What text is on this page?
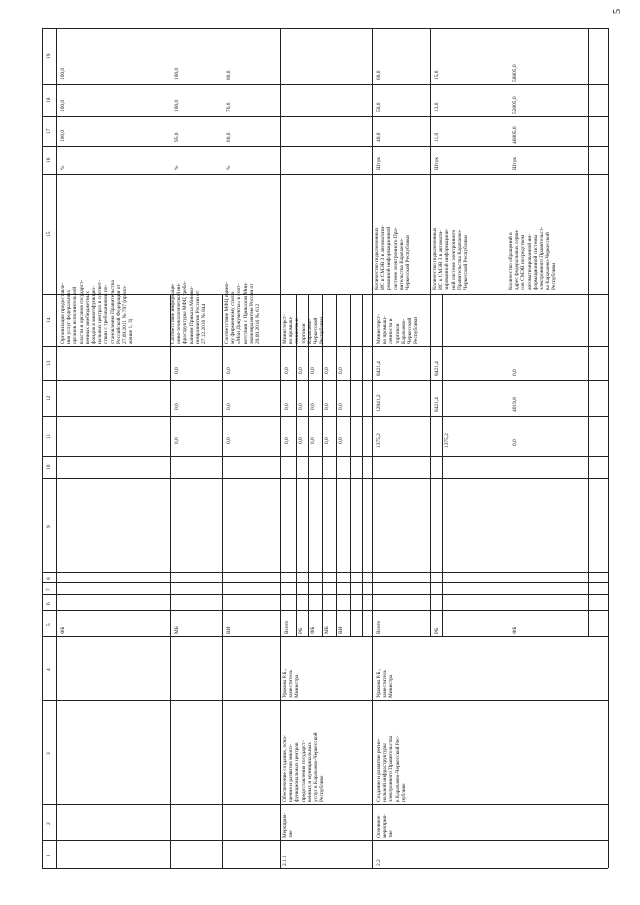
5
1
2
3
4
5
6
7
8
9
10
11
12
13
14
15
16
17
18
19
ФБ
Организация предоставле-
ния услуг федеральных
органов исполнительной
власти и органов государст-
венных внебюджетных
фондов в многофункцио-
нальных центрах в соответ-
ствии с требованиями по-
становления Правительства
Российской Федерации от
27.09.2011 № 797 (прило-
жение 1, 3)
%
100,0
100,0
100,0
МБ
0,0
0,0
0,0
Соответствие информаци-
онно-технологической ин-
фраструктуры МФЦ требо-
ваниям Приказа Минэко-
номразвития России от
27.12.2016 № 844
%
95,0
100,0
100,0
ВИ
0,0
0,0
0,0
Соответствие МФЦ едино-
му фирменному стилю
«Мои Документы» в соот-
ветствии с Приказом Мин-
экономразвития России от
29.09.2016 № 612
%
60,0
70,0
80,0
2.1.1
Мероприя-
тие
Обеспечение создания, осна-
щения и развития много-
функциональных центров
предоставления государст-
венных и муниципальных
услуг в Карачаево-Черкесской
Республике
Уракова Р.Б.,
заместитель
Министра
Всего
0,0
0,0
0,0
РБ
0,0
0,0
0,0
ФБ
0,0
0,0
0,0
МБ
0,0
0,0
0,0
ВИ
0,0
0,0
0,0
Министерст-
во промыш-
ленности и
торговли
Карачаево-
Черкесской
Республики
2.2
Основное
мероприя-
тие
Создание и развитие регио-
нальной инфраструктуры
электронного Правительства
в Карачаево-Черкесской Рес-
публике
Уракова Р.Б.,
заместитель
Министра
Всего
1375,2
12841,2
8421,4
Министерст-
во промыш-
ленности и
торговли
Карачаево-
Черкесской
Республики
Количество подключенных
ИС в СМЭВ 3 в автоматизи-
рованной информационной
системе электронного Пра-
вительства Карачаево-
Черкесской Республики
Штук
40,0
50,0
60,0
РБ
1375,2
8421,4
8421,4
Количество подключенных
ИС к СМЭВ 3 в автомати-
зированной информацион-
ной системе электронного
Правительства Карачаево-
Черкесской Республики
Штук
11,0
13,0
15,0
ФБ
0,0
4019,8
0,0
Количество обращений в
адрес федеральных серви-
сов СМЭВ посредством
автоматизированной ин-
формационной системы
электронного Правительст-
ва Карачаево-Черкесской
Республики
Штук
46805,0
52805,0
58805,0
